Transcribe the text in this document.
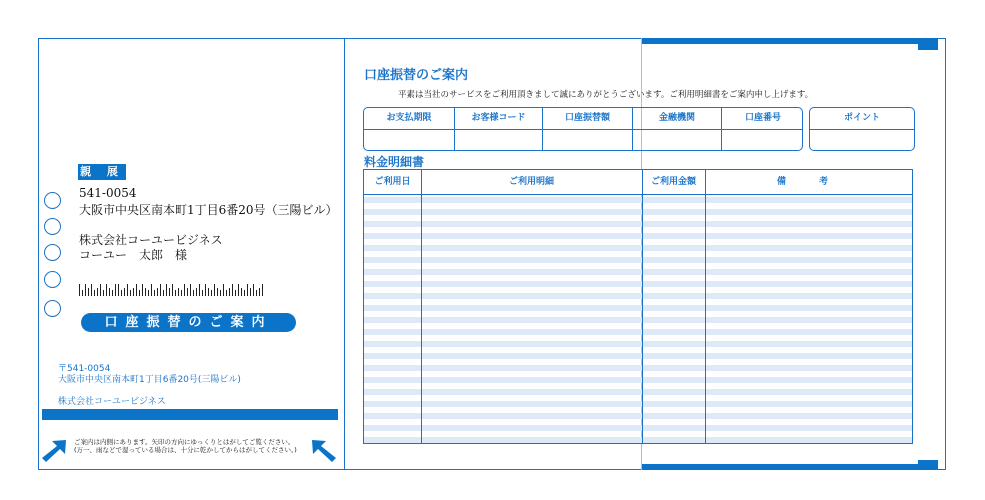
親 展
541-0054
大阪市中央区南本町1丁目6番20号（三陽ビル）
株式会社コーユービジネス
コーユー　太郎　様
口座振替のご案内
〒541-0054
大阪市中央区南本町1丁目6番20号(三陽ビル)
株式会社コーユービジネス
ご案内は内側にあります。矢印の方向にゆっくりとはがしてご覧ください。
(万一、雨などで湿っている場合は、十分に乾かしてからはがしてください。)
口座振替のご案内
平素は当社のサービスをご利用頂きまして誠にありがとうございます。ご利用明細書をご案内申し上げます。
お支払期限	お客様コード	口座振替額	金融機関	口座番号	ポイント
料金明細書
ご利用日	ご利用明細	ご利用金額	備　考
